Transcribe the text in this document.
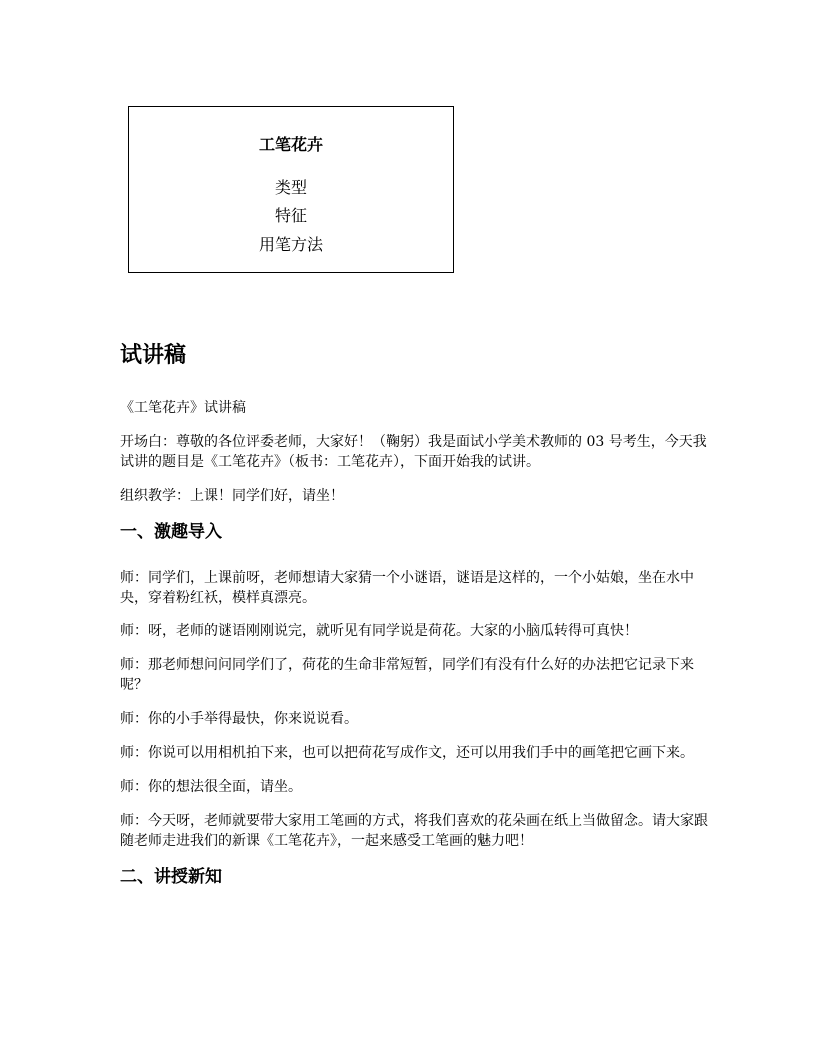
工笔花卉
类型
特征
用笔方法
试讲稿

《工笔花卉》试讲稿

开场白：尊敬的各位评委老师，大家好！（鞠躬）我是面试小学美术教师的 03 号考生，今天我试讲的题目是《工笔花卉》（板书：工笔花卉），下面开始我的试讲。

组织教学：上课！同学们好，请坐！

一、激趣导入

师：同学们，上课前呀，老师想请大家猜一个小谜语，谜语是这样的，一个小姑娘，坐在水中央，穿着粉红袄，模样真漂亮。

师：呀，老师的谜语刚刚说完，就听见有同学说是荷花。大家的小脑瓜转得可真快！

师：那老师想问问同学们了，荷花的生命非常短暂，同学们有没有什么好的办法把它记录下来呢？

师：你的小手举得最快，你来说说看。

师：你说可以用相机拍下来，也可以把荷花写成作文，还可以用我们手中的画笔把它画下来。

师：你的想法很全面，请坐。

师：今天呀，老师就要带大家用工笔画的方式，将我们喜欢的花朵画在纸上当做留念。请大家跟随老师走进我们的新课《工笔花卉》，一起来感受工笔画的魅力吧！

二、讲授新知
